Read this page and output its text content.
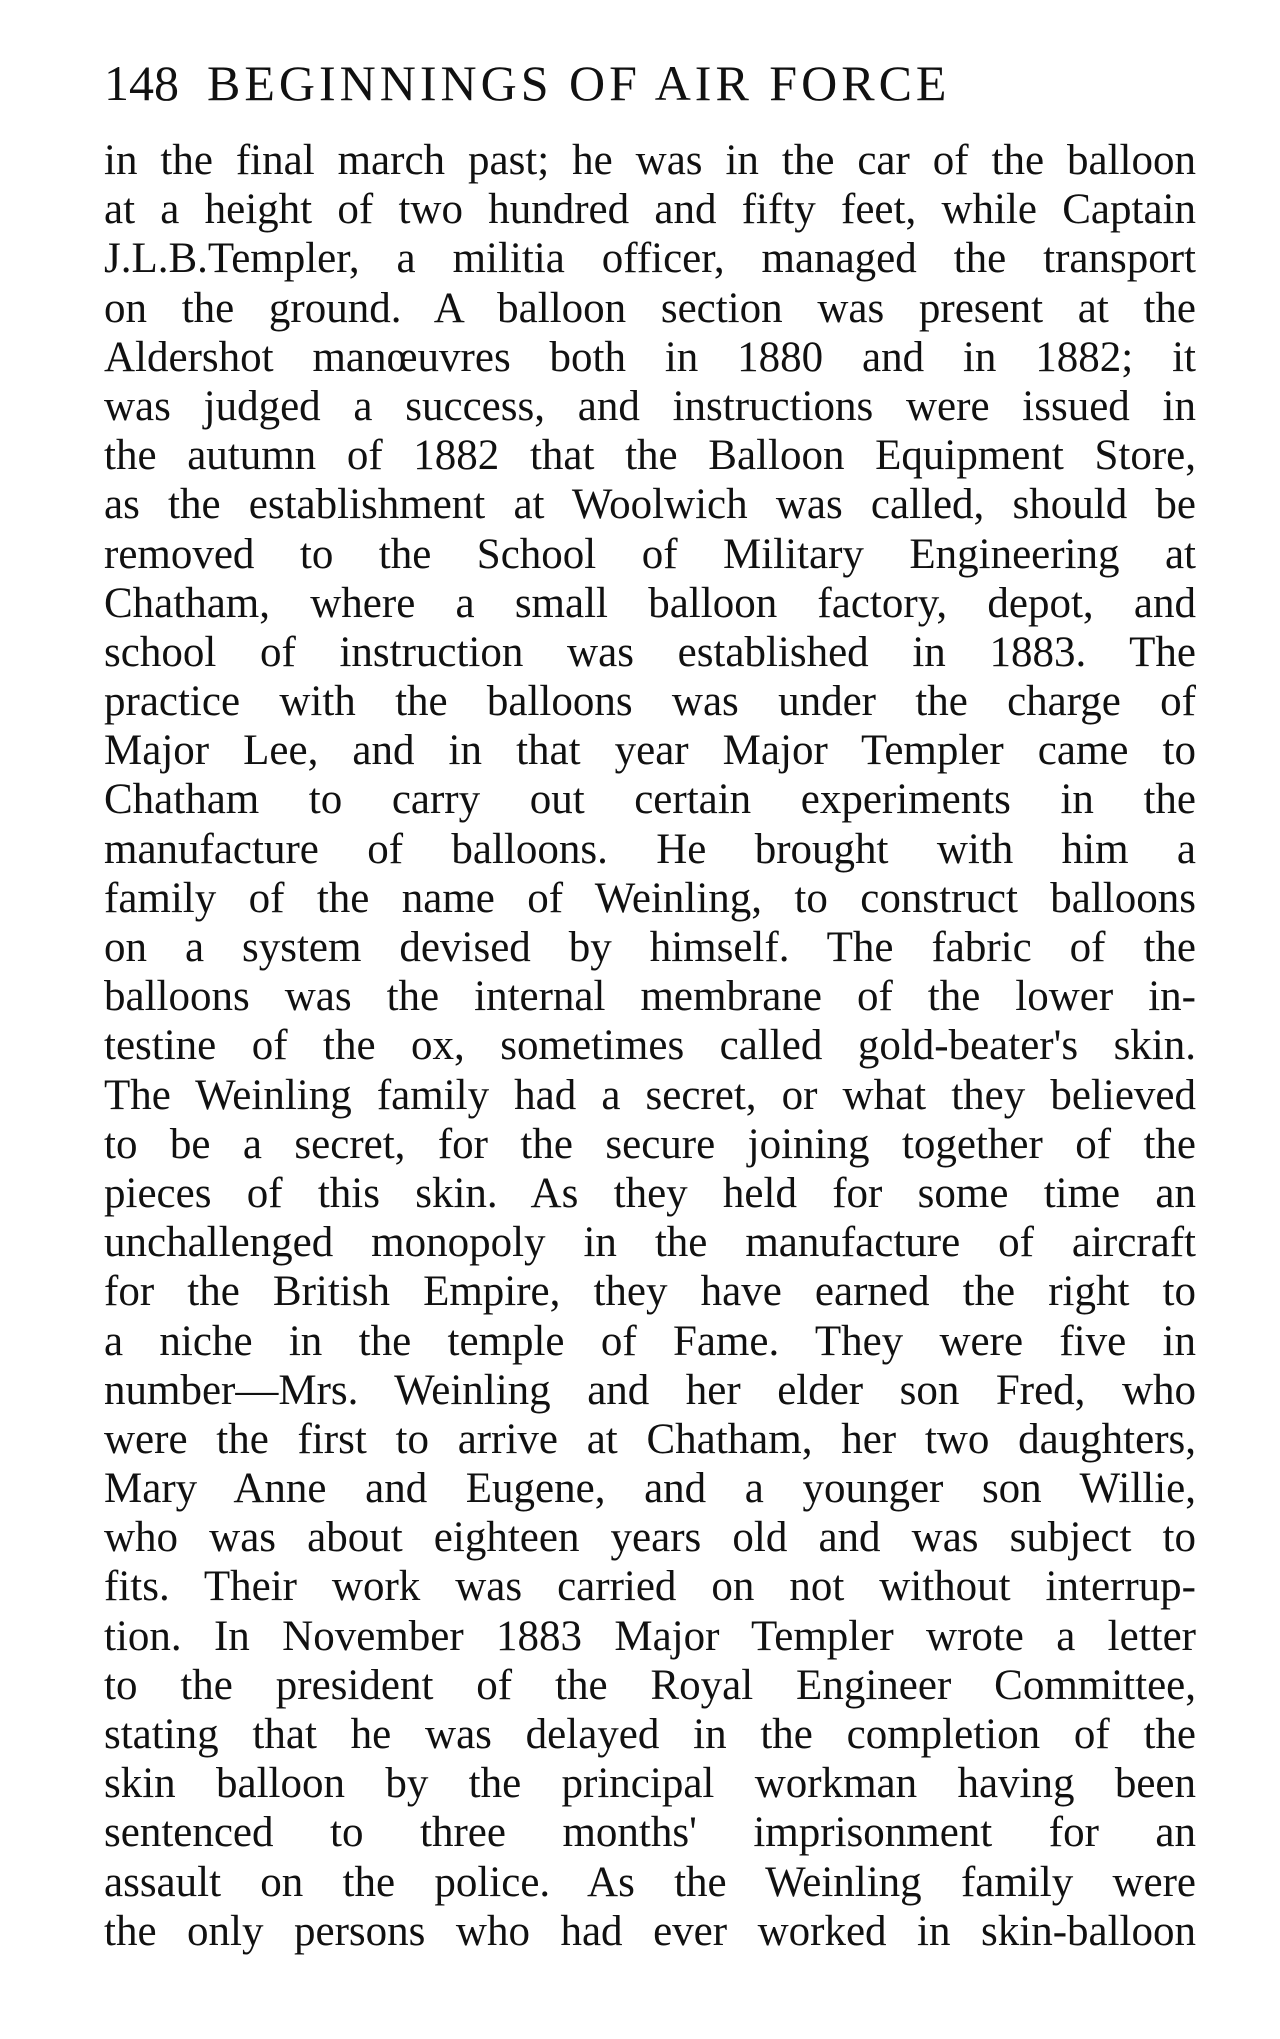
148 BEGINNINGS OF AIR FORCE
in the final march past; he was in the car of the balloon
at a height of two hundred and fifty feet, while Captain
J.L.B.Templer, a militia officer, managed the transport
on the ground. A balloon section was present at the
Aldershot manœuvres both in 1880 and in 1882; it
was judged a success, and instructions were issued in
the autumn of 1882 that the Balloon Equipment Store,
as the establishment at Woolwich was called, should be
removed to the School of Military Engineering at
Chatham, where a small balloon factory, depot, and
school of instruction was established in 1883. The
practice with the balloons was under the charge of
Major Lee, and in that year Major Templer came to
Chatham to carry out certain experiments in the
manufacture of balloons. He brought with him a
family of the name of Weinling, to construct balloons
on a system devised by himself. The fabric of the
balloons was the internal membrane of the lower in-
testine of the ox, sometimes called gold-beater's skin.
The Weinling family had a secret, or what they believed
to be a secret, for the secure joining together of the
pieces of this skin. As they held for some time an
unchallenged monopoly in the manufacture of aircraft
for the British Empire, they have earned the right to
a niche in the temple of Fame. They were five in
number—Mrs. Weinling and her elder son Fred, who
were the first to arrive at Chatham, her two daughters,
Mary Anne and Eugene, and a younger son Willie,
who was about eighteen years old and was subject to
fits. Their work was carried on not without interrup-
tion. In November 1883 Major Templer wrote a letter
to the president of the Royal Engineer Committee,
stating that he was delayed in the completion of the
skin balloon by the principal workman having been
sentenced to three months' imprisonment for an
assault on the police. As the Weinling family were
the only persons who had ever worked in skin-balloon
